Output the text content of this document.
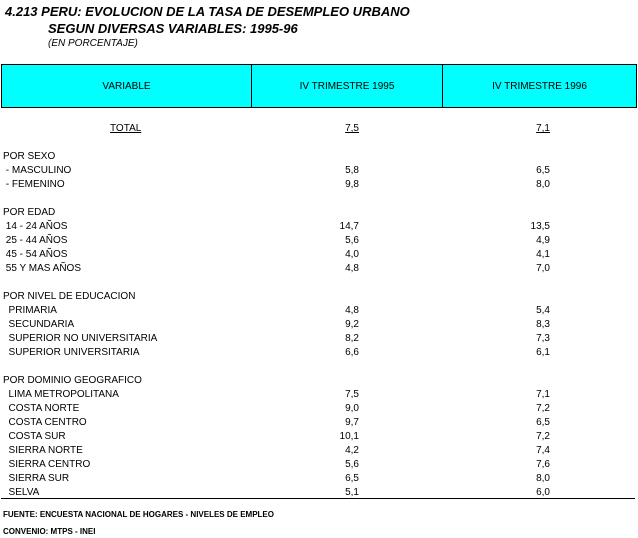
4.213 PERU: EVOLUCION DE LA TASA DE DESEMPLEO URBANO
SEGUN DIVERSAS VARIABLES: 1995-96
(EN PORCENTAJE)
VARIABLE	IV TRIMESTRE 1995	IV TRIMESTRE 1996
TOTAL	7,5	7,1
POR SEXO
- MASCULINO	5,8	6,5
- FEMENINO	9,8	8,0
POR EDAD
14 - 24 AÑOS	14,7	13,5
25 - 44 AÑOS	5,6	4,9
45 - 54 AÑOS	4,0	4,1
55 Y MAS AÑOS	4,8	7,0
POR NIVEL DE EDUCACION
PRIMARIA	4,8	5,4
SECUNDARIA	9,2	8,3
SUPERIOR NO UNIVERSITARIA	8,2	7,3
SUPERIOR UNIVERSITARIA	6,6	6,1
POR DOMINIO GEOGRAFICO
LIMA METROPOLITANA	7,5	7,1
COSTA NORTE	9,0	7,2
COSTA CENTRO	9,7	6,5
COSTA SUR	10,1	7,2
SIERRA NORTE	4,2	7,4
SIERRA CENTRO	5,6	7,6
SIERRA SUR	6,5	8,0
SELVA	5,1	6,0
FUENTE: ENCUESTA NACIONAL DE HOGARES - NIVELES DE EMPLEO
CONVENIO: MTPS - INEI
